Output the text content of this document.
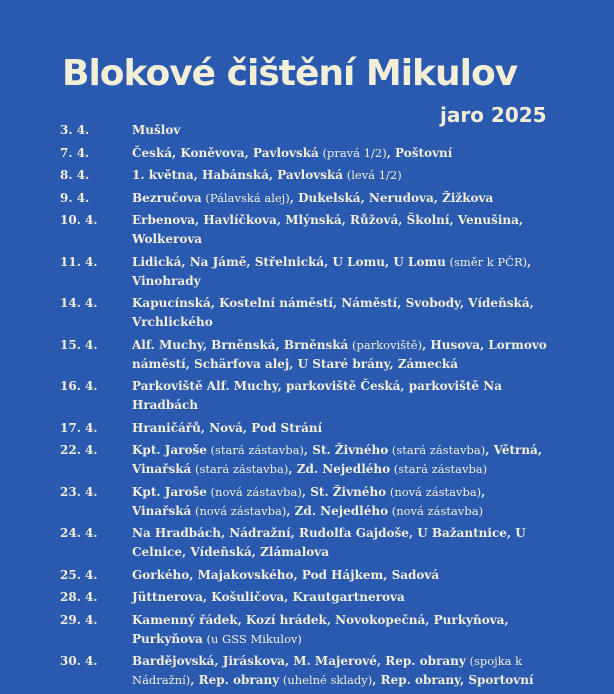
Blokové čištění Mikulov
jaro 2025
3. 4.	Mušlov
7. 4.	Česká, Koněvova, Pavlovská (pravá 1/2), Poštovní
8. 4.	1. května, Habánská, Pavlovská (levá 1/2)
9. 4.	Bezručova (Pálavská alej), Dukelská, Nerudova, Žižkova
10. 4.	Erbenova, Havlíčkova, Mlýnská, Růžová, Školní, Venušina, Wolkerova
11. 4.	Lidická, Na Jámě, Střelnická, U Lomu, U Lomu (směr k PČR), Vinohrady
14. 4.	Kapucínská, Kostelní náměstí, Náměstí, Svobody, Vídeňská, Vrchlického
15. 4.	Alf. Muchy, Brněnská, Brněnská (parkoviště), Husova, Lormovo náměstí, Schärfova alej, U Staré brány, Zámecká
16. 4.	Parkoviště Alf. Muchy, parkoviště Česká, parkoviště Na Hradbách
17. 4.	Hraničářů, Nová, Pod Strání
22. 4.	Kpt. Jaroše (stará zástavba), St. Živného (stará zástavba), Větrná, Vinařská (stará zástavba), Zd. Nejedlého (stará zástavba)
23. 4.	Kpt. Jaroše (nová zástavba), St. Živného (nová zástavba), Vinařská (nová zástavba), Zd. Nejedlého (nová zástavba)
24. 4.	Na Hradbách, Nádražní, Rudolfa Gajdoše, U Bažantnice, U Celnice, Vídeňská, Zlámalova
25. 4.	Gorkého, Majakovského, Pod Hájkem, Sadová
28. 4.	Jüttnerova, Košuličova, Krautgartnerova
29. 4.	Kamenný řádek, Kozí hrádek, Novokopečná, Purkyňova, Purkyňova (u GSS Mikulov)
30. 4.	Bardějovská, Jiráskova, M. Majerové, Rep. obrany (spojka k Nádražní), Rep. obrany (uhelné sklady), Rep. obrany, Sportovní
